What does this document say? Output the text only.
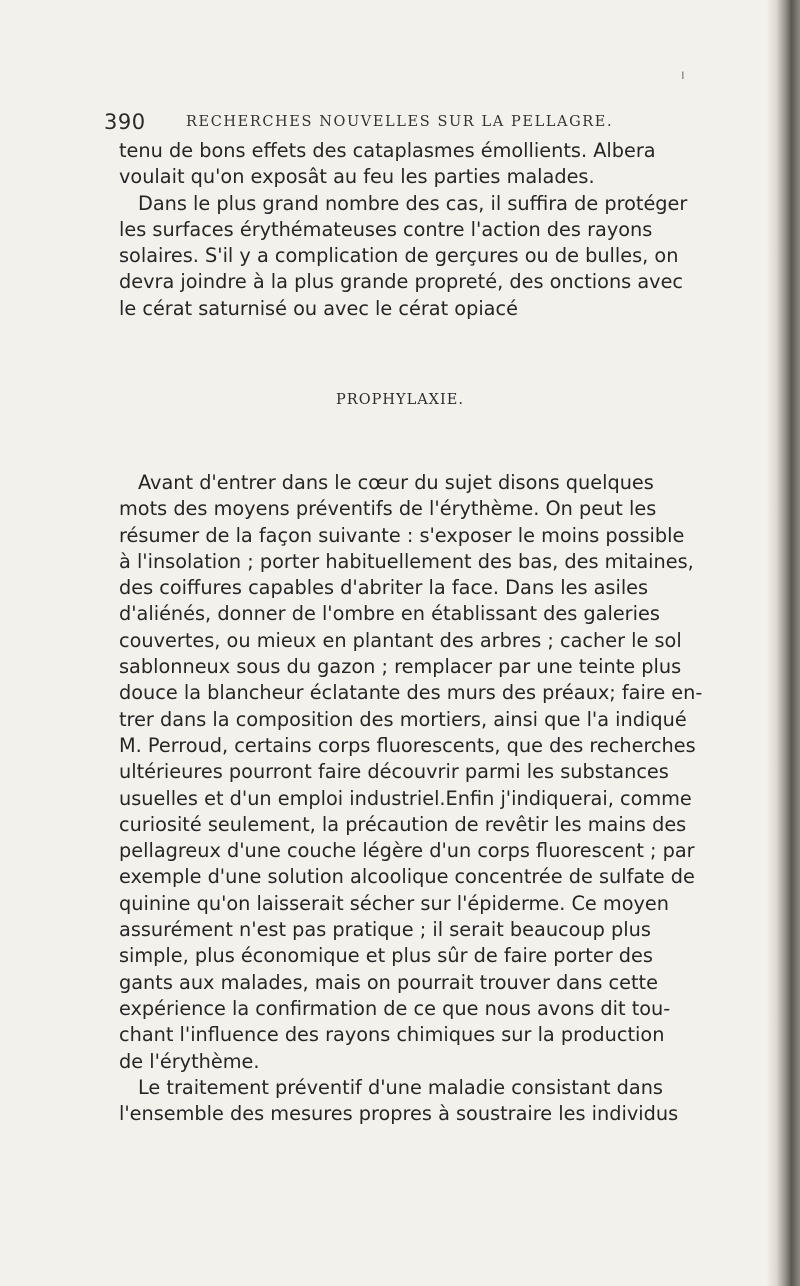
ı
390	RECHERCHES NOUVELLES SUR LA PELLAGRE.
tenu de bons effets des cataplasmes émollients. Albera
voulait qu'on exposât au feu les parties malades.
Dans le plus grand nombre des cas, il suffira de protéger
les surfaces érythémateuses contre l'action des rayons
solaires. S'il y a complication de gerçures ou de bulles, on
devra joindre à la plus grande propreté, des onctions avec
le cérat saturnisé ou avec le cérat opiacé
PROPHYLAXIE.
Avant d'entrer dans le cœur du sujet disons quelques
mots des moyens préventifs de l'érythème. On peut les
résumer de la façon suivante : s'exposer le moins possible
à l'insolation ; porter habituellement des bas, des mitaines,
des coiffures capables d'abriter la face. Dans les asiles
d'aliénés, donner de l'ombre en établissant des galeries
couvertes, ou mieux en plantant des arbres ; cacher le sol
sablonneux sous du gazon ; remplacer par une teinte plus
douce la blancheur éclatante des murs des préaux; faire en-
trer dans la composition des mortiers, ainsi que l'a indiqué
M. Perroud, certains corps fluorescents, que des recherches
ultérieures pourront faire découvrir parmi les substances
usuelles et d'un emploi industriel.Enfin j'indiquerai, comme
curiosité seulement, la précaution de revêtir les mains des
pellagreux d'une couche légère d'un corps fluorescent ; par
exemple d'une solution alcoolique concentrée de sulfate de
quinine qu'on laisserait sécher sur l'épiderme. Ce moyen
assurément n'est pas pratique ; il serait beaucoup plus
simple, plus économique et plus sûr de faire porter des
gants aux malades, mais on pourrait trouver dans cette
expérience la confirmation de ce que nous avons dit tou-
chant l'influence des rayons chimiques sur la production
de l'érythème.
Le traitement préventif d'une maladie consistant dans
l'ensemble des mesures propres à soustraire les individus
